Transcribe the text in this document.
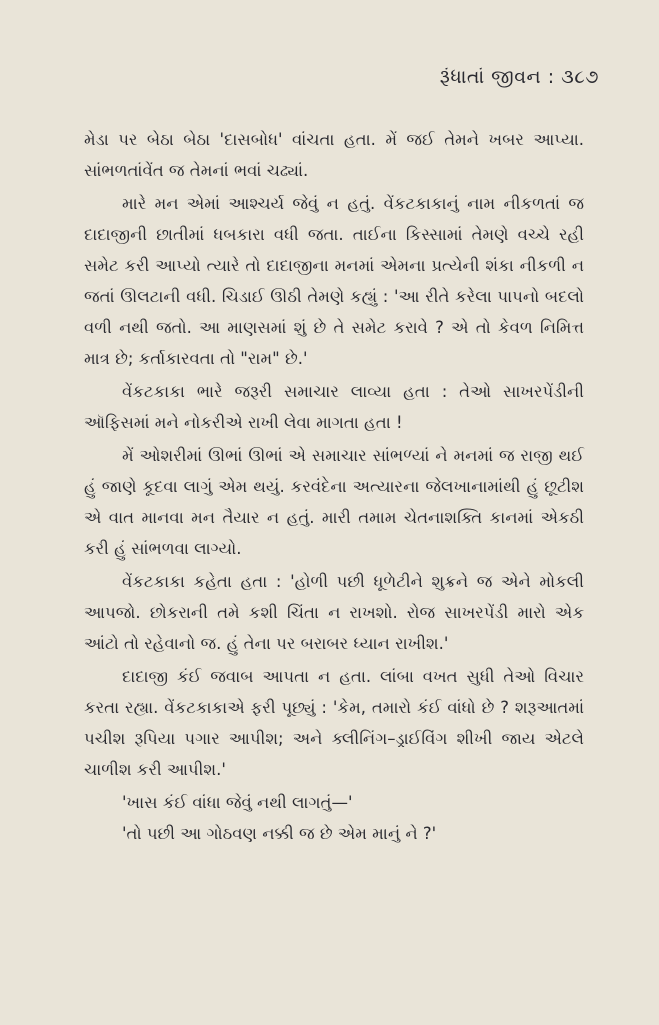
રૂંધાતાં જીવન : ૩૮૭

મેડા પર બેઠા બેઠા 'દાસબોધ' વાંચતા હતા. મેં જઈ તેમને ખબર આપ્યા. સાંભળતાંવેંત જ તેમનાં ભવાં ચઢ્યાં.

મારે મન એમાં આશ્ચર્ય જેવું ન હતું. વેંકટકાકાનું નામ નીકળતાં જ દાદાજીની છાતીમાં ધબકારા વધી જતા. તાઈના કિસ્સામાં તેમણે વચ્ચે રહી સમેટ કરી આપ્યો ત્યારે તો દાદાજીના મનમાં એમના પ્રત્યેની શંકા નીકળી ન જતાં ઊલટાની વધી. ચિડાઈ ઊઠી તેમણે કહ્યું : 'આ રીતે કરેલા પાપનો બદલો વળી નથી જતો. આ માણસમાં શું છે તે સમેટ કરાવે ? એ તો કેવળ નિમિત્ત માત્ર છે; કર્તાકારવતા તો "રામ" છે.'

વેંકટકાકા ભારે જરૂરી સમાચાર લાવ્યા હતા : તેઓ સાખરપેંડીની ઑફિસમાં મને નોકરીએ રાખી લેવા માગતા હતા !

મેં ઓશરીમાં ઊભાં ઊભાં એ સમાચાર સાંભળ્યાં ને મનમાં જ રાજી થઈ હું જાણે કૂદવા લાગું એમ થયું. કરવંદેના અત્યારના જેલખાનામાંથી હું છૂટીશ એ વાત માનવા મન તૈયાર ન હતું. મારી તમામ ચેતનાશક્તિ કાનમાં એકઠી કરી હું સાંભળવા લાગ્યો.

વેંકટકાકા કહેતા હતા : 'હોળી પછી ધૂળેટીને શુક્રને જ એને મોકલી આપજો. છોકરાની તમે કશી ચિંતા ન રાખશો. રોજ સાખરપેંડી મારો એક આંટો તો રહેવાનો જ. હું તેના પર બરાબર ધ્યાન રાખીશ.'

દાદાજી કંઈ જવાબ આપતા ન હતા. લાંબા વખત સુધી તેઓ વિચાર કરતા રહ્યા. વેંકટકાકાએ ફરી પૂછ્યું : 'કેમ, તમારો કંઈ વાંધો છે ? શરૂઆતમાં પચીશ રૂપિયા પગાર આપીશ; અને ક્લીનિંગ–ડ્રાઈવિંગ શીખી જાય એટલે ચાળીશ કરી આપીશ.'

'ખાસ કંઈ વાંધા જેવું નથી લાગતું—'

'તો પછી આ ગોઠવણ નક્કી જ છે એમ માનું ને ?'
